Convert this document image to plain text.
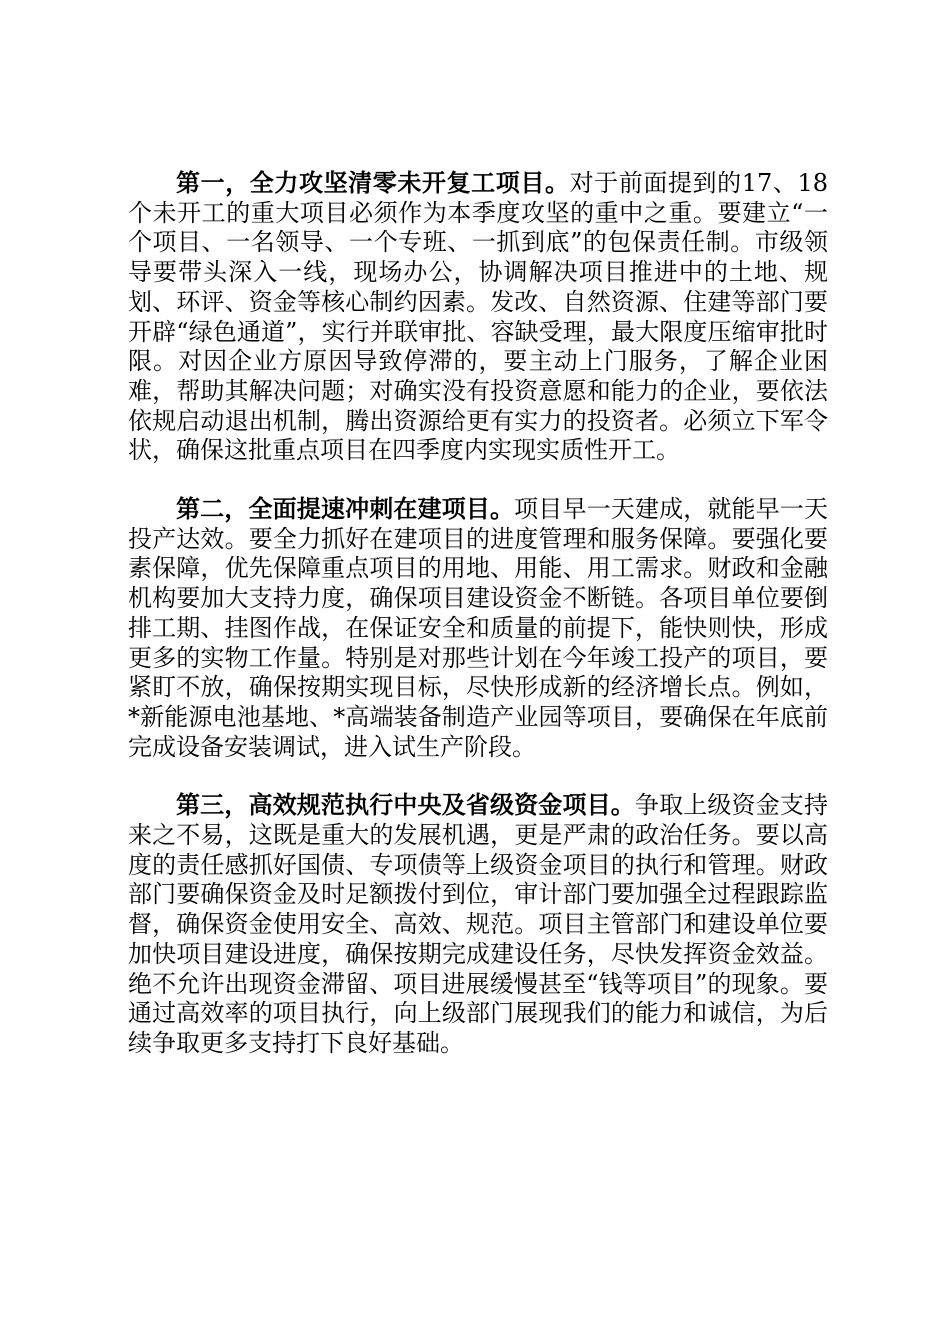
第一，全力攻坚清零未开复工项目。对于前面提到的17、18个未开工的重大项目必须作为本季度攻坚的重中之重。要建立“一个项目、一名领导、一个专班、一抓到底”的包保责任制。市级领导要带头深入一线，现场办公，协调解决项目推进中的土地、规划、环评、资金等核心制约因素。发改、自然资源、住建等部门要开辟“绿色通道”，实行并联审批、容缺受理，最大限度压缩审批时限。对因企业方原因导致停滞的，要主动上门服务，了解企业困难，帮助其解决问题；对确实没有投资意愿和能力的企业，要依法依规启动退出机制，腾出资源给更有实力的投资者。必须立下军令状，确保这批重点项目在四季度内实现实质性开工。

第二，全面提速冲刺在建项目。项目早一天建成，就能早一天投产达效。要全力抓好在建项目的进度管理和服务保障。要强化要素保障，优先保障重点项目的用地、用能、用工需求。财政和金融机构要加大支持力度，确保项目建设资金不断链。各项目单位要倒排工期、挂图作战，在保证安全和质量的前提下，能快则快，形成更多的实物工作量。特别是对那些计划在今年竣工投产的项目，要紧盯不放，确保按期实现目标，尽快形成新的经济增长点。例如，*新能源电池基地、*高端装备制造产业园等项目，要确保在年底前完成设备安装调试，进入试生产阶段。

第三，高效规范执行中央及省级资金项目。争取上级资金支持来之不易，这既是重大的发展机遇，更是严肃的政治任务。要以高度的责任感抓好国债、专项债等上级资金项目的执行和管理。财政部门要确保资金及时足额拨付到位，审计部门要加强全过程跟踪监督，确保资金使用安全、高效、规范。项目主管部门和建设单位要加快项目建设进度，确保按期完成建设任务，尽快发挥资金效益。绝不允许出现资金滞留、项目进展缓慢甚至“钱等项目”的现象。要通过高效率的项目执行，向上级部门展现我们的能力和诚信，为后续争取更多支持打下良好基础。
